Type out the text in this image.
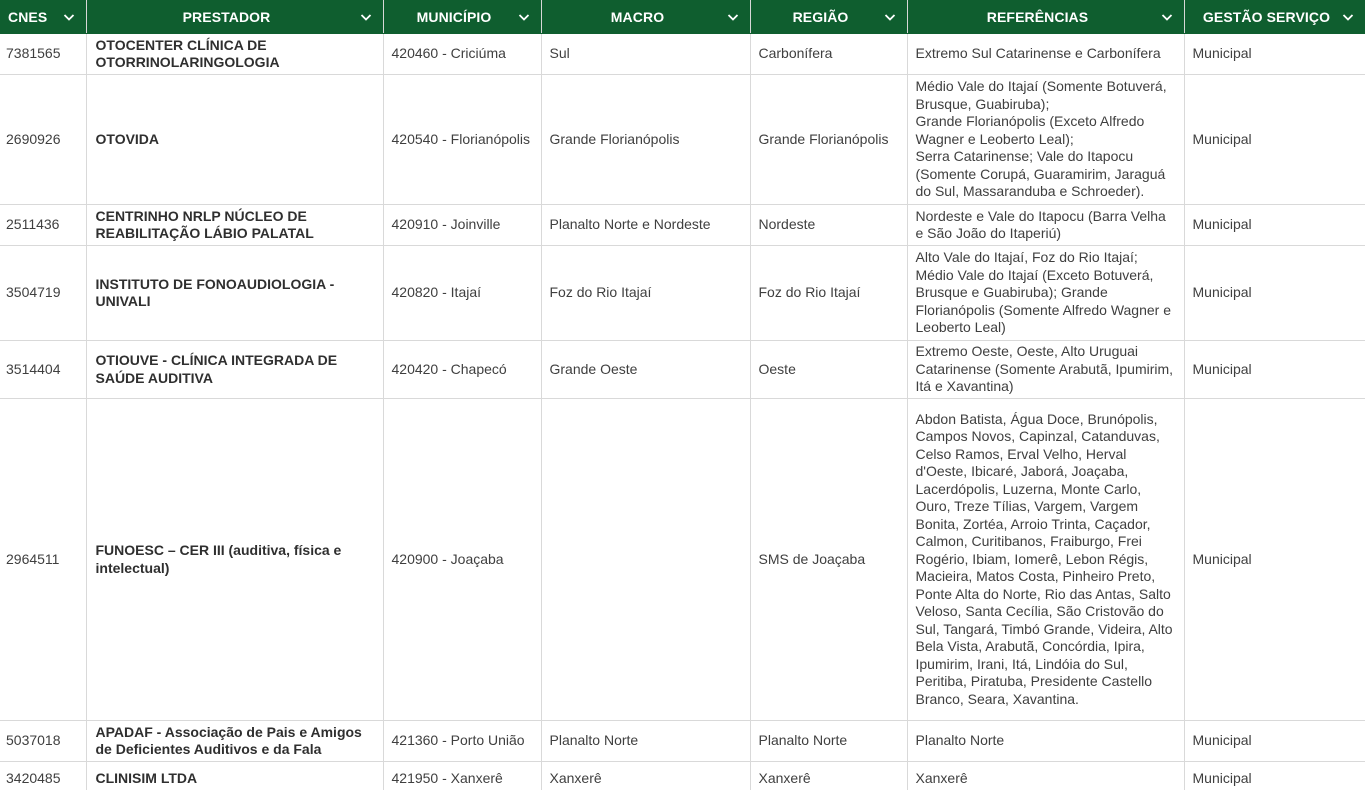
CNES	PRESTADOR	MUNICÍPIO	MACRO	REGIÃO	REFERÊNCIAS	GESTÃO SERVIÇO

7381565	OTOCENTER CLÍNICA DE OTORRINOLARINGOLOGIA	420460 - Criciúma	Sul	Carbonífera	Extremo Sul Catarinense e Carbonífera	Municipal
2690926	OTOVIDA	420540 - Florianópolis	Grande Florianópolis	Grande Florianópolis	Médio Vale do Itajaí (Somente Botuverá, Brusque, Guabiruba);
Grande Florianópolis (Exceto Alfredo Wagner e Leoberto Leal);
Serra Catarinense; Vale do Itapocu (Somente Corupá, Guaramirim, Jaraguá do Sul, Massaranduba e Schroeder).	Municipal
2511436	CENTRINHO NRLP NÚCLEO DE REABILITAÇÃO LÁBIO PALATAL	420910 - Joinville	Planalto Norte e Nordeste	Nordeste	Nordeste e Vale do Itapocu (Barra Velha e São João do Itaperiú)	Municipal
3504719	INSTITUTO DE FONOAUDIOLOGIA - UNIVALI	420820 - Itajaí	Foz do Rio Itajaí	Foz do Rio Itajaí	Alto Vale do Itajaí, Foz do Rio Itajaí; Médio Vale do Itajaí (Exceto Botuverá, Brusque e Guabiruba); Grande Florianópolis (Somente Alfredo Wagner e Leoberto Leal)	Municipal
3514404	OTIOUVE - CLÍNICA INTEGRADA DE SAÚDE AUDITIVA	420420 - Chapecó	Grande Oeste	Oeste	Extremo Oeste, Oeste, Alto Uruguai Catarinense (Somente Arabutã, Ipumirim, Itá e Xavantina)	Municipal
2964511	FUNOESC – CER III (auditiva, física e intelectual)	420900 - Joaçaba		SMS de Joaçaba	Abdon Batista, Água Doce, Brunópolis, Campos Novos, Capinzal, Catanduvas, Celso Ramos, Erval Velho, Herval d'Oeste, Ibicaré, Jaborá, Joaçaba, Lacerdópolis, Luzerna, Monte Carlo, Ouro, Treze Tílias, Vargem, Vargem Bonita, Zortéa, Arroio Trinta, Caçador, Calmon, Curitibanos, Fraiburgo, Frei Rogério, Ibiam, Iomerê, Lebon Régis, Macieira, Matos Costa, Pinheiro Preto, Ponte Alta do Norte, Rio das Antas, Salto Veloso, Santa Cecília, São Cristovão do Sul, Tangará, Timbó Grande, Videira, Alto Bela Vista, Arabutã, Concórdia, Ipira, Ipumirim, Irani, Itá, Lindóia do Sul, Peritiba, Piratuba, Presidente Castello Branco, Seara, Xavantina.	Municipal
5037018	APADAF - Associação de Pais e Amigos de Deficientes Auditivos e da Fala	421360 - Porto União	Planalto Norte	Planalto Norte	Planalto Norte	Municipal
3420485	CLINISIM LTDA	421950 - Xanxerê	Xanxerê	Xanxerê	Xanxerê	Municipal
